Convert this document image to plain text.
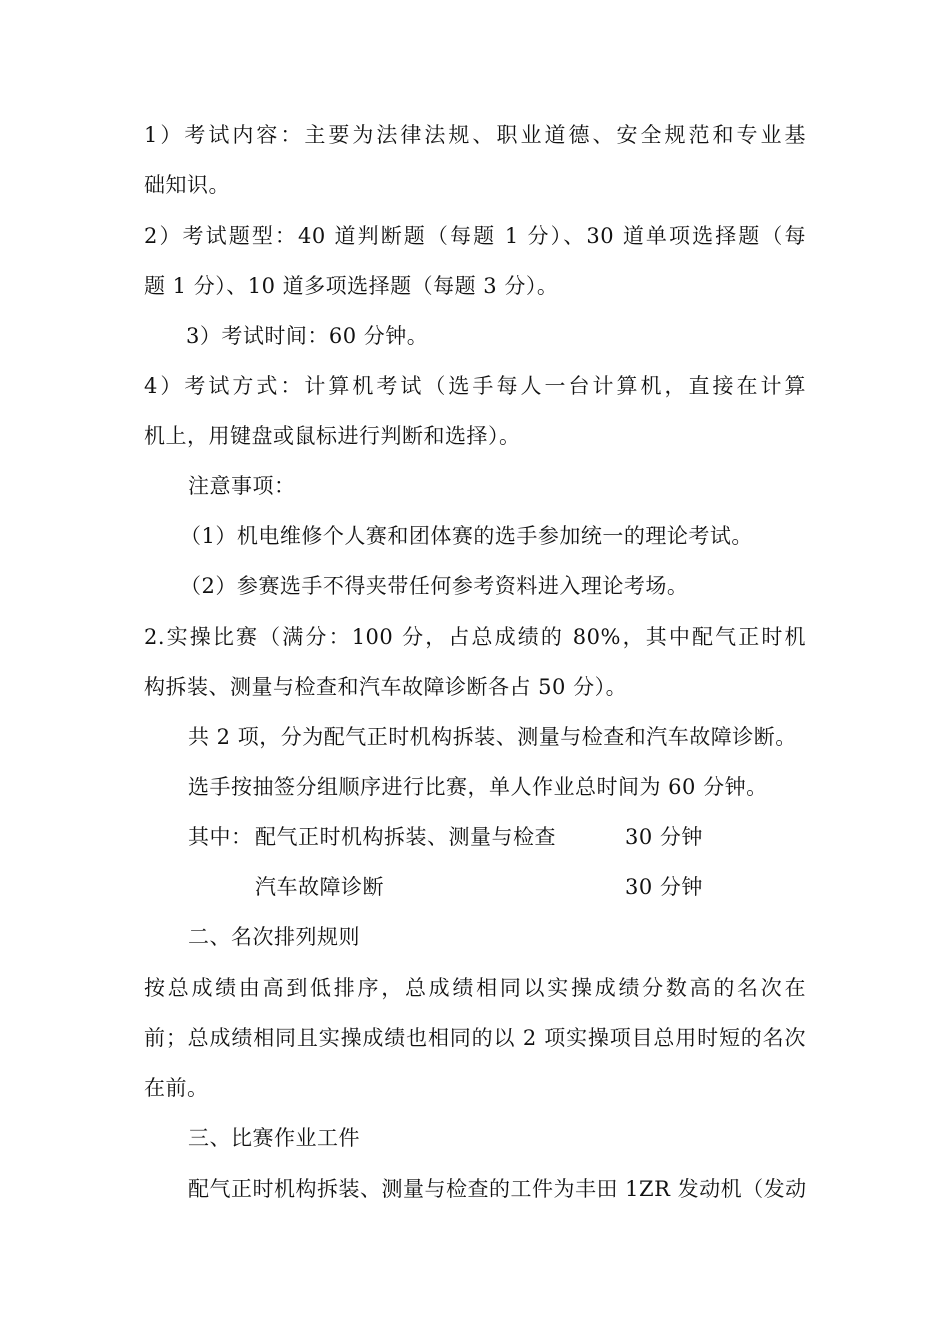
1）考试内容：主要为法律法规、职业道德、安全规范和专业基
础知识。
2）考试题型：40 道判断题（每题 1 分）、30 道单项选择题（每
题 1 分）、10 道多项选择题（每题 3 分）。
3）考试时间：60 分钟。
4）考试方式：计算机考试（选手每人一台计算机，直接在计算
机上，用键盘或鼠标进行判断和选择）。
注意事项：
（1）机电维修个人赛和团体赛的选手参加统一的理论考试。
（2）参赛选手不得夹带任何参考资料进入理论考场。
2.实操比赛（满分：100 分，占总成绩的 80%，其中配气正时机
构拆装、测量与检查和汽车故障诊断各占 50 分）。
共 2 项，分为配气正时机构拆装、测量与检查和汽车故障诊断。
选手按抽签分组顺序进行比赛，单人作业总时间为 60 分钟。
其中： 配气正时机构拆装、测量与检查	30 分钟
汽车故障诊断	30 分钟
二、名次排列规则
按总成绩由高到低排序，总成绩相同以实操成绩分数高的名次在
前；总成绩相同且实操成绩也相同的以 2 项实操项目总用时短的名次
在前。
三、比赛作业工件
配气正时机构拆装、测量与检查的工件为丰田 1ZR 发动机（发动
